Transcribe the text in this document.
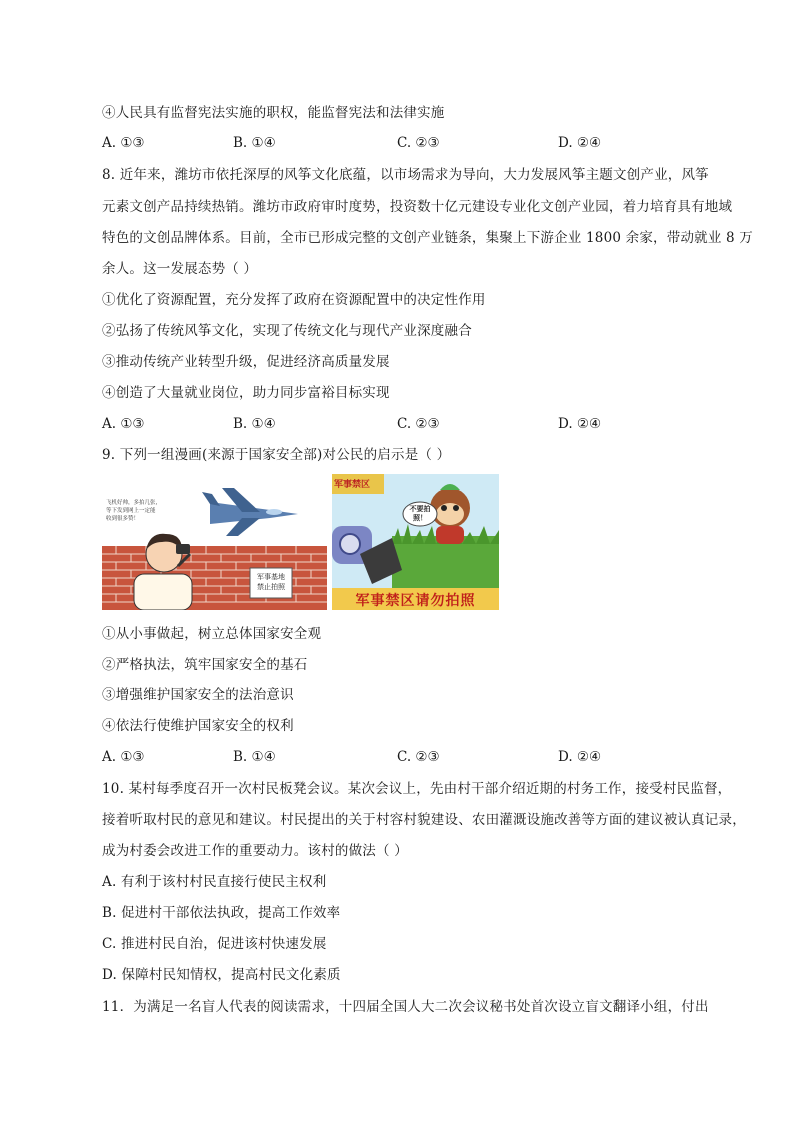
④人民具有监督宪法实施的职权，能监督宪法和法律实施
A. ①③	B. ①④	C. ②③	D. ②④
8. 近年来，潍坊市依托深厚的风筝文化底蕴，以市场需求为导向，大力发展风筝主题文创产业，风筝
元素文创产品持续热销。潍坊市政府审时度势，投资数十亿元建设专业化文创产业园，着力培育具有地域
特色的文创品牌体系。目前，全市已形成完整的文创产业链条，集聚上下游企业 1800 余家，带动就业 8 万
余人。这一发展态势（ ）
①优化了资源配置，充分发挥了政府在资源配置中的决定性作用
②弘扬了传统风筝文化，实现了传统文化与现代产业深度融合
③推动传统产业转型升级，促进经济高质量发展
④创造了大量就业岗位，助力同步富裕目标实现
A. ①③	B. ①④	C. ②③	D. ②④
9. 下列一组漫画(来源于国家安全部)对公民的启示是（ ）
飞机好帅，多拍几张， 等下发到网上一定能 收到很多赞！
军事基地禁止拍照
军事禁区
不要拍照！
军事禁区请勿拍照
①从小事做起，树立总体国家安全观
②严格执法，筑牢国家安全的基石
③增强维护国家安全的法治意识
④依法行使维护国家安全的权利
A. ①③	B. ①④	C. ②③	D. ②④
10. 某村每季度召开一次村民板凳会议。某次会议上，先由村干部介绍近期的村务工作，接受村民监督，
接着听取村民的意见和建议。村民提出的关于村容村貌建设、农田灌溉设施改善等方面的建议被认真记录，
成为村委会改进工作的重要动力。该村的做法（ ）
A. 有利于该村村民直接行使民主权利
B. 促进村干部依法执政，提高工作效率
C. 推进村民自治，促进该村快速发展
D. 保障村民知情权，提高村民文化素质
11．为满足一名盲人代表的阅读需求，十四届全国人大二次会议秘书处首次设立盲文翻译小组，付出
